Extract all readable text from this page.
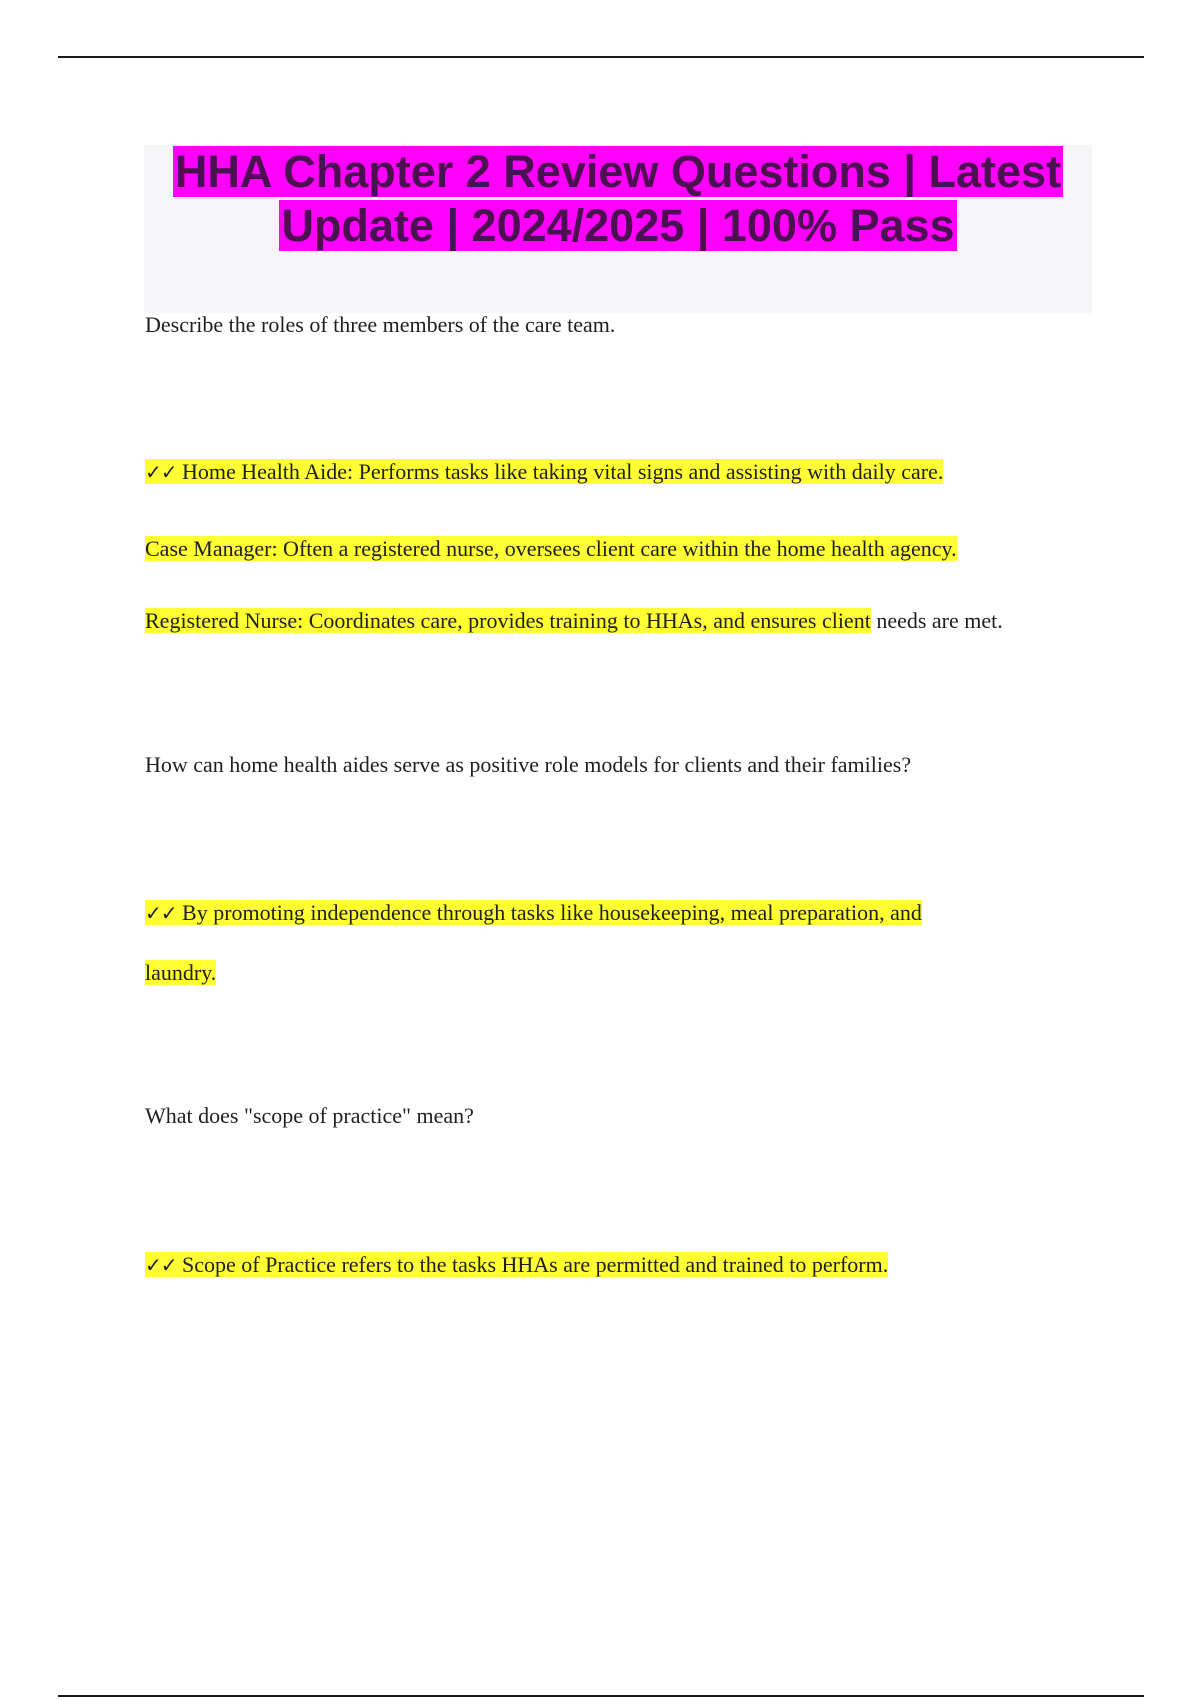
HHA Chapter 2 Review Questions | Latest Update | 2024/2025 | 100% Pass
Describe the roles of three members of the care team.
✓✓ Home Health Aide: Performs tasks like taking vital signs and assisting with daily care.
Case Manager: Often a registered nurse, oversees client care within the home health agency.
Registered Nurse: Coordinates care, provides training to HHAs, and ensures client needs are met.
How can home health aides serve as positive role models for clients and their families?
✓✓ By promoting independence through tasks like housekeeping, meal preparation, and
laundry.
What does "scope of practice" mean?
✓✓ Scope of Practice refers to the tasks HHAs are permitted and trained to perform.
